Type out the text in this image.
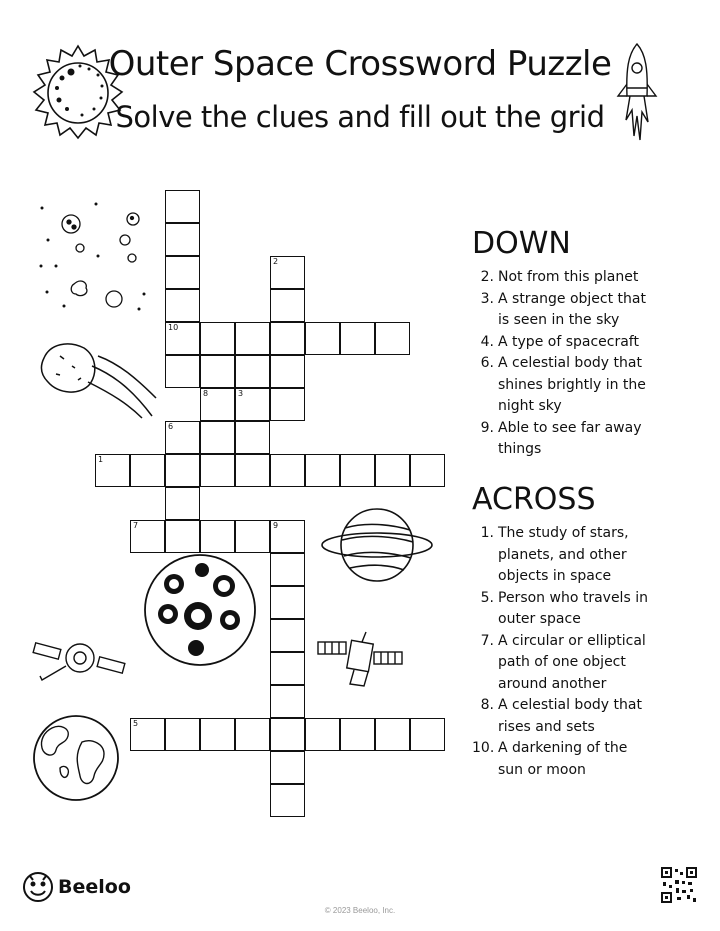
Outer Space Crossword Puzzle
Solve the clues and fill out the grid
10
6
8	3
2
9
1
7
5
DOWN
2. Not from this planet
3. A strange object that is seen in the sky
4. A type of spacecraft
6. A celestial body that shines brightly in the night sky
9. Able to see far away things
ACROSS
1. The study of stars, planets, and other objects in space
5. Person who travels in outer space
7. A circular or elliptical path of one object around another
8. A celestial body that rises and sets
10. A darkening of the sun or moon
Beeloo
© 2023 Beeloo, Inc.
